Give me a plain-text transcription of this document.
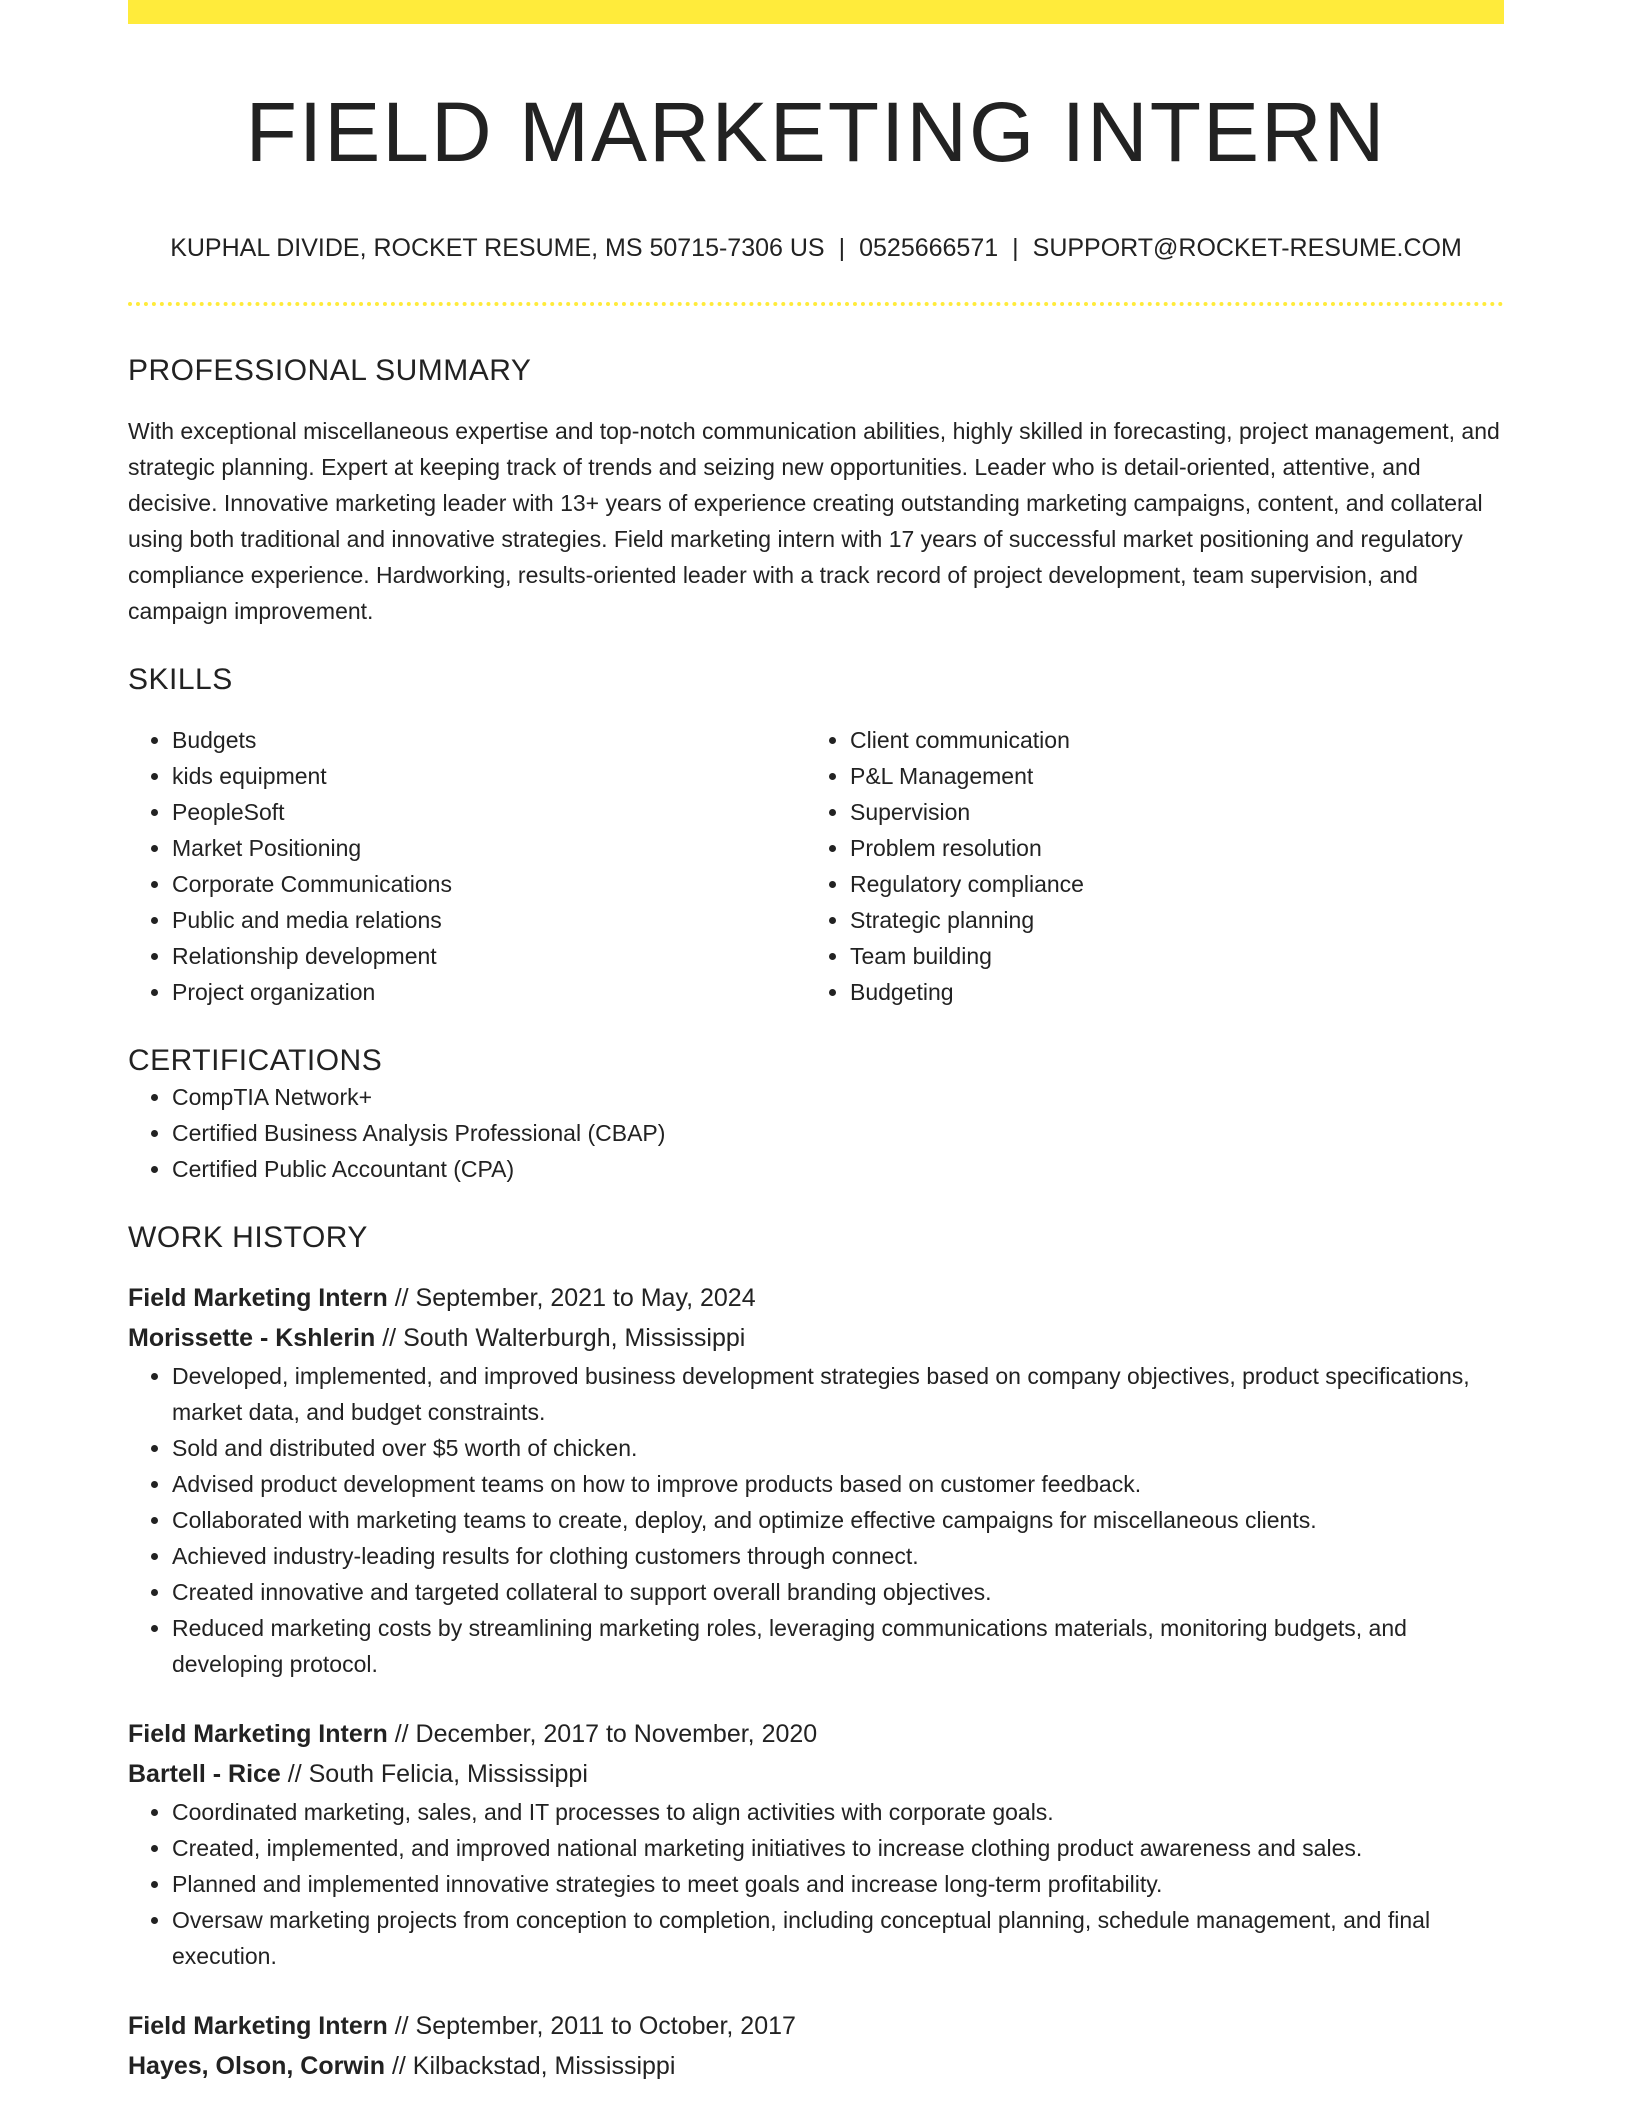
FIELD MARKETING INTERN
KUPHAL DIVIDE, ROCKET RESUME, MS 50715-7306 US | 0525666571 | SUPPORT@ROCKET-RESUME.COM
PROFESSIONAL SUMMARY

With exceptional miscellaneous expertise and top-notch communication abilities, highly skilled in forecasting, project management, and strategic planning. Expert at keeping track of trends and seizing new opportunities. Leader who is detail-oriented, attentive, and decisive. Innovative marketing leader with 13+ years of experience creating outstanding marketing campaigns, content, and collateral using both traditional and innovative strategies. Field marketing intern with 17 years of successful market positioning and regulatory compliance experience. Hardworking, results-oriented leader with a track record of project development, team supervision, and campaign improvement.

SKILLS
• Budgets
• kids equipment
• PeopleSoft
• Market Positioning
• Corporate Communications
• Public and media relations
• Relationship development
• Project organization
• Client communication
• P&L Management
• Supervision
• Problem resolution
• Regulatory compliance
• Strategic planning
• Team building
• Budgeting
CERTIFICATIONS
• CompTIA Network+
• Certified Business Analysis Professional (CBAP)
• Certified Public Accountant (CPA)
WORK HISTORY
Field Marketing Intern // September, 2021 to May, 2024
Morissette - Kshlerin // South Walterburgh, Mississippi
• Developed, implemented, and improved business development strategies based on company objectives, product specifications, market data, and budget constraints.
• Sold and distributed over $5 worth of chicken.
• Advised product development teams on how to improve products based on customer feedback.
• Collaborated with marketing teams to create, deploy, and optimize effective campaigns for miscellaneous clients.
• Achieved industry-leading results for clothing customers through connect.
• Created innovative and targeted collateral to support overall branding objectives.
• Reduced marketing costs by streamlining marketing roles, leveraging communications materials, monitoring budgets, and developing protocol.
Field Marketing Intern // December, 2017 to November, 2020
Bartell - Rice // South Felicia, Mississippi
• Coordinated marketing, sales, and IT processes to align activities with corporate goals.
• Created, implemented, and improved national marketing initiatives to increase clothing product awareness and sales.
• Planned and implemented innovative strategies to meet goals and increase long-term profitability.
• Oversaw marketing projects from conception to completion, including conceptual planning, schedule management, and final execution.
Field Marketing Intern // September, 2011 to October, 2017
Hayes, Olson, Corwin // Kilbackstad, Mississippi
